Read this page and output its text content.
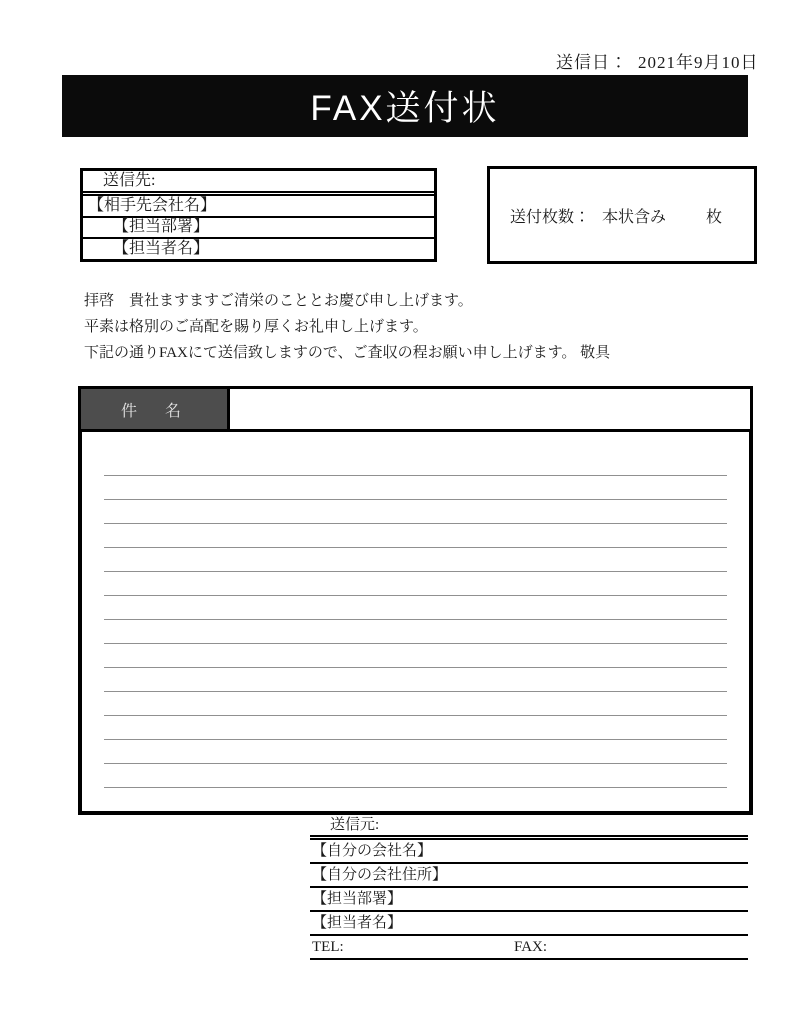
送信日： 2021年9月10日
FAX送付状
送信先:
【相手先会社名】
【担当部署】
【担当者名】
送付枚数： 本状含み 枚
拝啓　貴社ますますご清栄のこととお慶び申し上げます。
平素は格別のご高配を賜り厚くお礼申し上げます。
下記の通りFAXにて送信致しますので、ご査収の程お願い申し上げます。 敬具
件　名
送信元:
【自分の会社名】
【自分の会社住所】
【担当部署】
【担当者名】
TEL:	FAX:
